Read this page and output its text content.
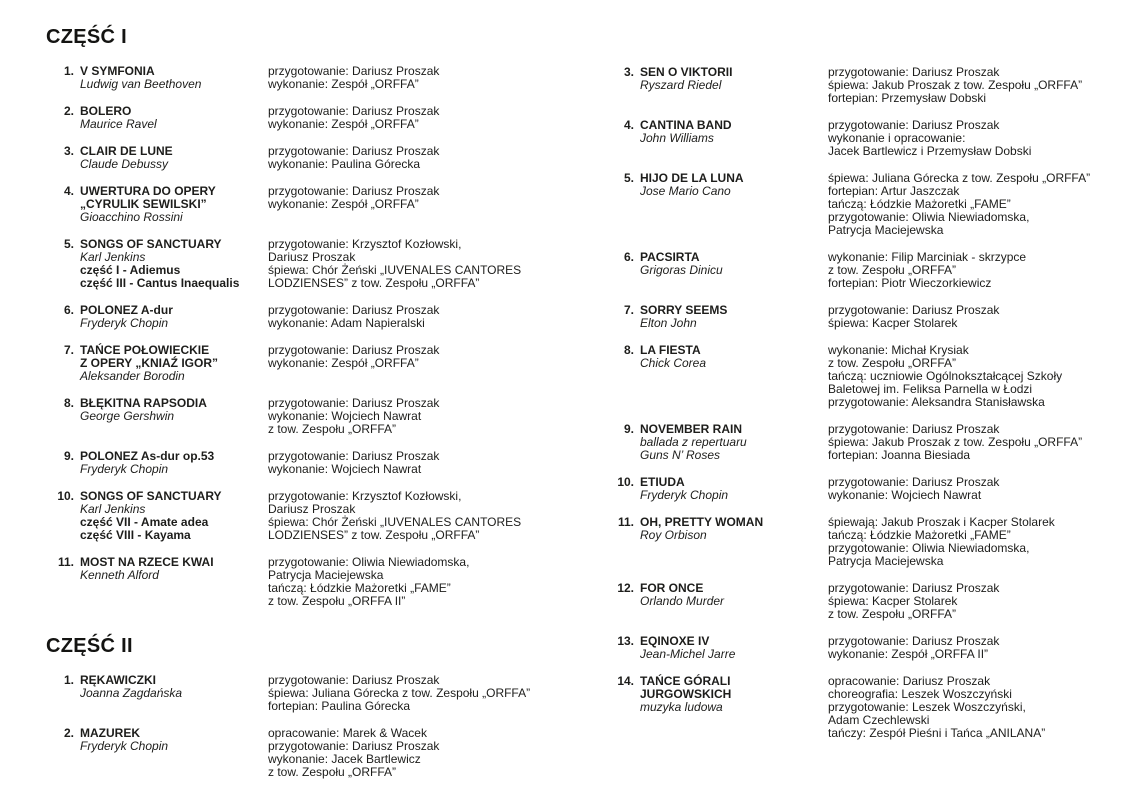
CZĘŚĆ I
1. V SYMFONIA
Ludwig van Beethoven
przygotowanie: Dariusz Proszak
wykonanie: Zespół „ORFFA”
2. BOLERO
Maurice Ravel
przygotowanie: Dariusz Proszak
wykonanie: Zespół „ORFFA”
3. CLAIR DE LUNE
Claude Debussy
przygotowanie: Dariusz Proszak
wykonanie: Paulina Górecka
4. UWERTURA DO OPERY
„CYRULIK SEWILSKI”
Gioacchino Rossini
przygotowanie: Dariusz Proszak
wykonanie: Zespół „ORFFA”
5. SONGS OF SANCTUARY
Karl Jenkins
część I - Adiemus
część III - Cantus Inaequalis
przygotowanie: Krzysztof Kozłowski,
Dariusz Proszak
śpiewa: Chór Żeński „IUVENALES CANTORES
LODZIENSES” z tow. Zespołu „ORFFA”
6. POLONEZ A-dur
Fryderyk Chopin
przygotowanie: Dariusz Proszak
wykonanie: Adam Napieralski
7. TAŃCE POŁOWIECKIE
Z OPERY „KNIAŹ IGOR”
Aleksander Borodin
przygotowanie: Dariusz Proszak
wykonanie: Zespół „ORFFA”
8. BŁĘKITNA RAPSODIA
George Gershwin
przygotowanie: Dariusz Proszak
wykonanie: Wojciech Nawrat
z tow. Zespołu „ORFFA”
9. POLONEZ As-dur op.53
Fryderyk Chopin
przygotowanie: Dariusz Proszak
wykonanie: Wojciech Nawrat
10. SONGS OF SANCTUARY
Karl Jenkins
część VII - Amate adea
część VIII - Kayama
przygotowanie: Krzysztof Kozłowski,
Dariusz Proszak
śpiewa: Chór Żeński „IUVENALES CANTORES
LODZIENSES” z tow. Zespołu „ORFFA”
11. MOST NA RZECE KWAI
Kenneth Alford
przygotowanie: Oliwia Niewiadomska,
Patrycja Maciejewska
tańczą: Łódzkie Mażoretki „FAME”
z tow. Zespołu „ORFFA II”
CZĘŚĆ II
1. RĘKAWICZKI
Joanna Zagdańska
przygotowanie: Dariusz Proszak
śpiewa: Juliana Górecka z tow. Zespołu „ORFFA”
fortepian: Paulina Górecka
2. MAZUREK
Fryderyk Chopin
opracowanie: Marek & Wacek
przygotowanie: Dariusz Proszak
wykonanie: Jacek Bartlewicz
z tow. Zespołu „ORFFA”
3. SEN O VIKTORII
Ryszard Riedel
przygotowanie: Dariusz Proszak
śpiewa: Jakub Proszak z tow. Zespołu „ORFFA”
fortepian: Przemysław Dobski
4. CANTINA BAND
John Williams
przygotowanie: Dariusz Proszak
wykonanie i opracowanie:
Jacek Bartlewicz i Przemysław Dobski
5. HIJO DE LA LUNA
Jose Mario Cano
śpiewa: Juliana Górecka z tow. Zespołu „ORFFA”
fortepian: Artur Jaszczak
tańczą: Łódzkie Mażoretki „FAME”
przygotowanie: Oliwia Niewiadomska,
Patrycja Maciejewska
6. PACSIRTA
Grigoras Dinicu
wykonanie: Filip Marciniak - skrzypce
z tow. Zespołu „ORFFA”
fortepian: Piotr Wieczorkiewicz
7. SORRY SEEMS
Elton John
przygotowanie: Dariusz Proszak
śpiewa: Kacper Stolarek
8. LA FIESTA
Chick Corea
wykonanie: Michał Krysiak
z tow. Zespołu „ORFFA”
tańczą: uczniowie Ogólnokształcącej Szkoły
Baletowej im. Feliksa Parnella w Łodzi
przygotowanie: Aleksandra Stanisławska
9. NOVEMBER RAIN
ballada z repertuaru
Guns N’ Roses
przygotowanie: Dariusz Proszak
śpiewa: Jakub Proszak z tow. Zespołu „ORFFA”
fortepian: Joanna Biesiada
10. ETIUDA
Fryderyk Chopin
przygotowanie: Dariusz Proszak
wykonanie: Wojciech Nawrat
11. OH, PRETTY WOMAN
Roy Orbison
śpiewają: Jakub Proszak i Kacper Stolarek
tańczą: Łódzkie Mażoretki „FAME”
przygotowanie: Oliwia Niewiadomska,
Patrycja Maciejewska
12. FOR ONCE
Orlando Murder
przygotowanie: Dariusz Proszak
śpiewa: Kacper Stolarek
z tow. Zespołu „ORFFA”
13. EQINOXE IV
Jean-Michel Jarre
przygotowanie: Dariusz Proszak
wykonanie: Zespół „ORFFA II”
14. TAŃCE GÓRALI
JURGOWSKICH
muzyka ludowa
opracowanie: Dariusz Proszak
choreografia: Leszek Woszczyński
przygotowanie: Leszek Woszczyński,
Adam Czechlewski
tańczy: Zespół Pieśni i Tańca „ANILANA”
